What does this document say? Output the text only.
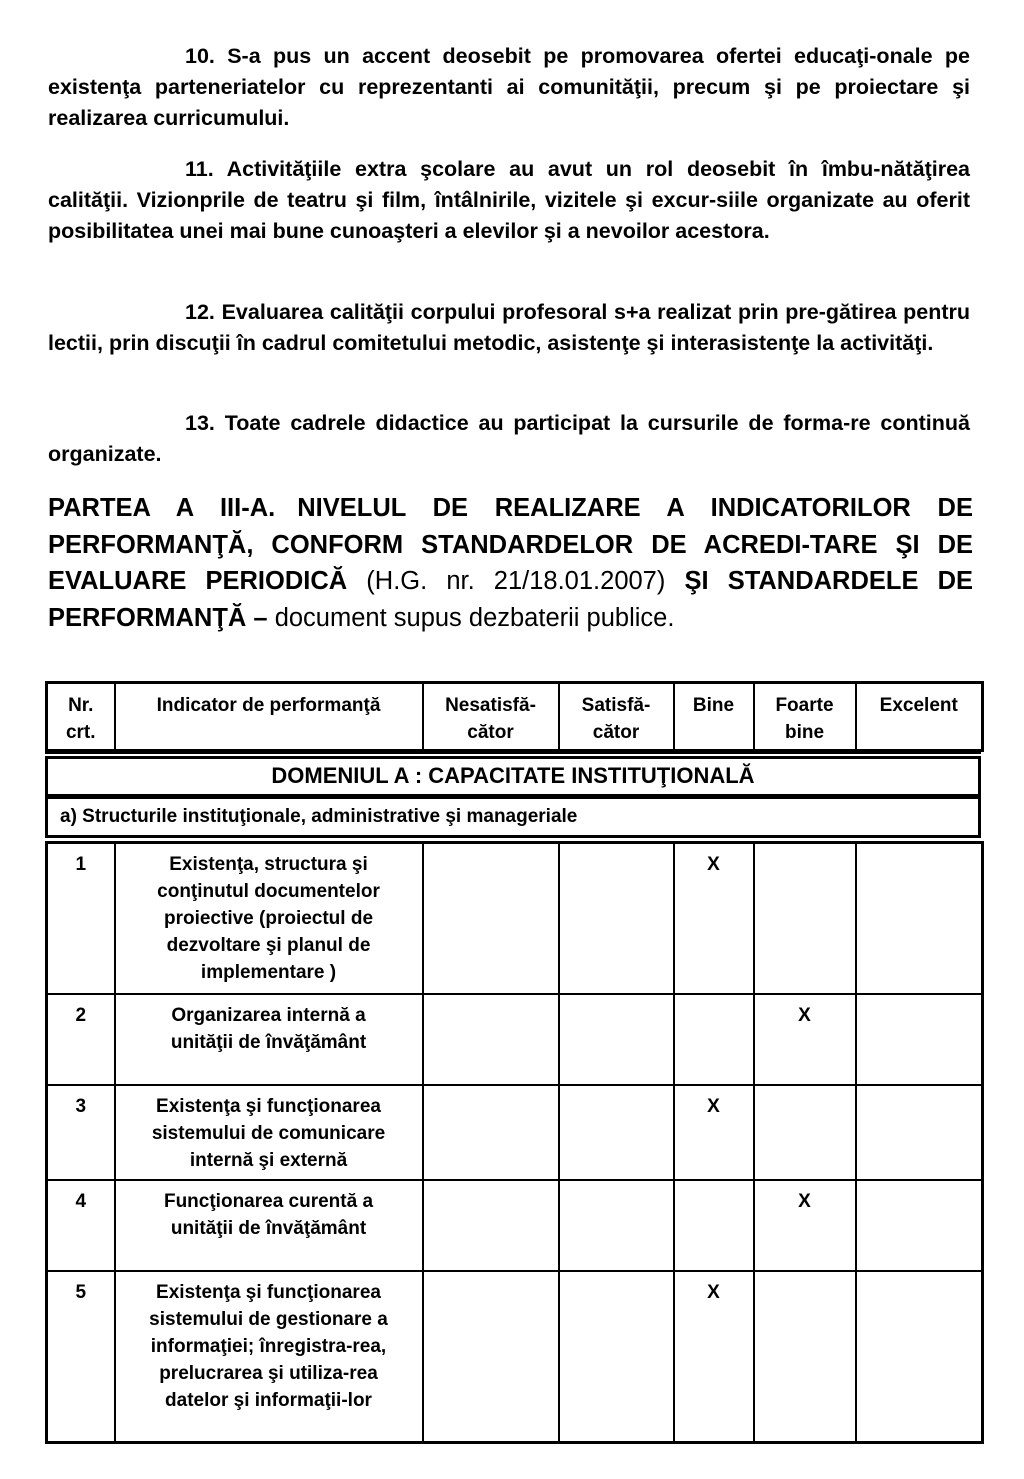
10. S-a pus un accent deosebit pe promovarea ofertei educaţi-onale pe existenţa parteneriatelor cu reprezentanti ai comunităţii, precum şi pe proiectare şi realizarea curricumului.

11. Activităţiile extra şcolare au avut un rol deosebit în îmbu-nătăţirea calităţii. Vizionprile de teatru şi film, întâlnirile, vizitele şi excur-siile organizate au oferit posibilitatea unei mai bune cunoaşteri a elevilor şi a nevoilor acestora.

12. Evaluarea calităţii corpului profesoral s+a realizat prin pre-gătirea pentru lectii, prin discuţii în cadrul comitetului metodic, asistenţe şi interasistenţe la activităţi.

13. Toate cadrele didactice au participat la cursurile de forma-re continuă organizate.

PARTEA A III-A. NIVELUL DE REALIZARE A INDICATORILOR DE PERFORMANŢĂ, CONFORM STANDARDELOR DE ACREDI-TARE ŞI DE EVALUARE PERIODICĂ (H.G. nr. 21/18.01.2007) ŞI STANDARDELE DE PERFORMANŢĂ – document supus dezbaterii publice.

Nr. crt.	Indicator de performanţă	Nesatisfă-cător	Satisfă-cător	Bine	Foarte bine	Excelent
DOMENIUL A : CAPACITATE INSTITUŢIONALĂ
a) Structurile instituţionale, administrative şi manageriale
1	Existenţa, structura şi conţinutul documentelor proiective (proiectul de dezvoltare şi planul de implementare )			X		
2	Organizarea internă a unităţii de învăţământ				X	
3	Existenţa şi funcţionarea sistemului de comunicare internă şi externă			X		
4	Funcţionarea curentă a unităţii de învăţământ				X	
5	Existenţa şi funcţionarea sistemului de gestionare a informaţiei; înregistra-rea, prelucrarea şi utiliza-rea datelor şi informaţii-lor			X		
